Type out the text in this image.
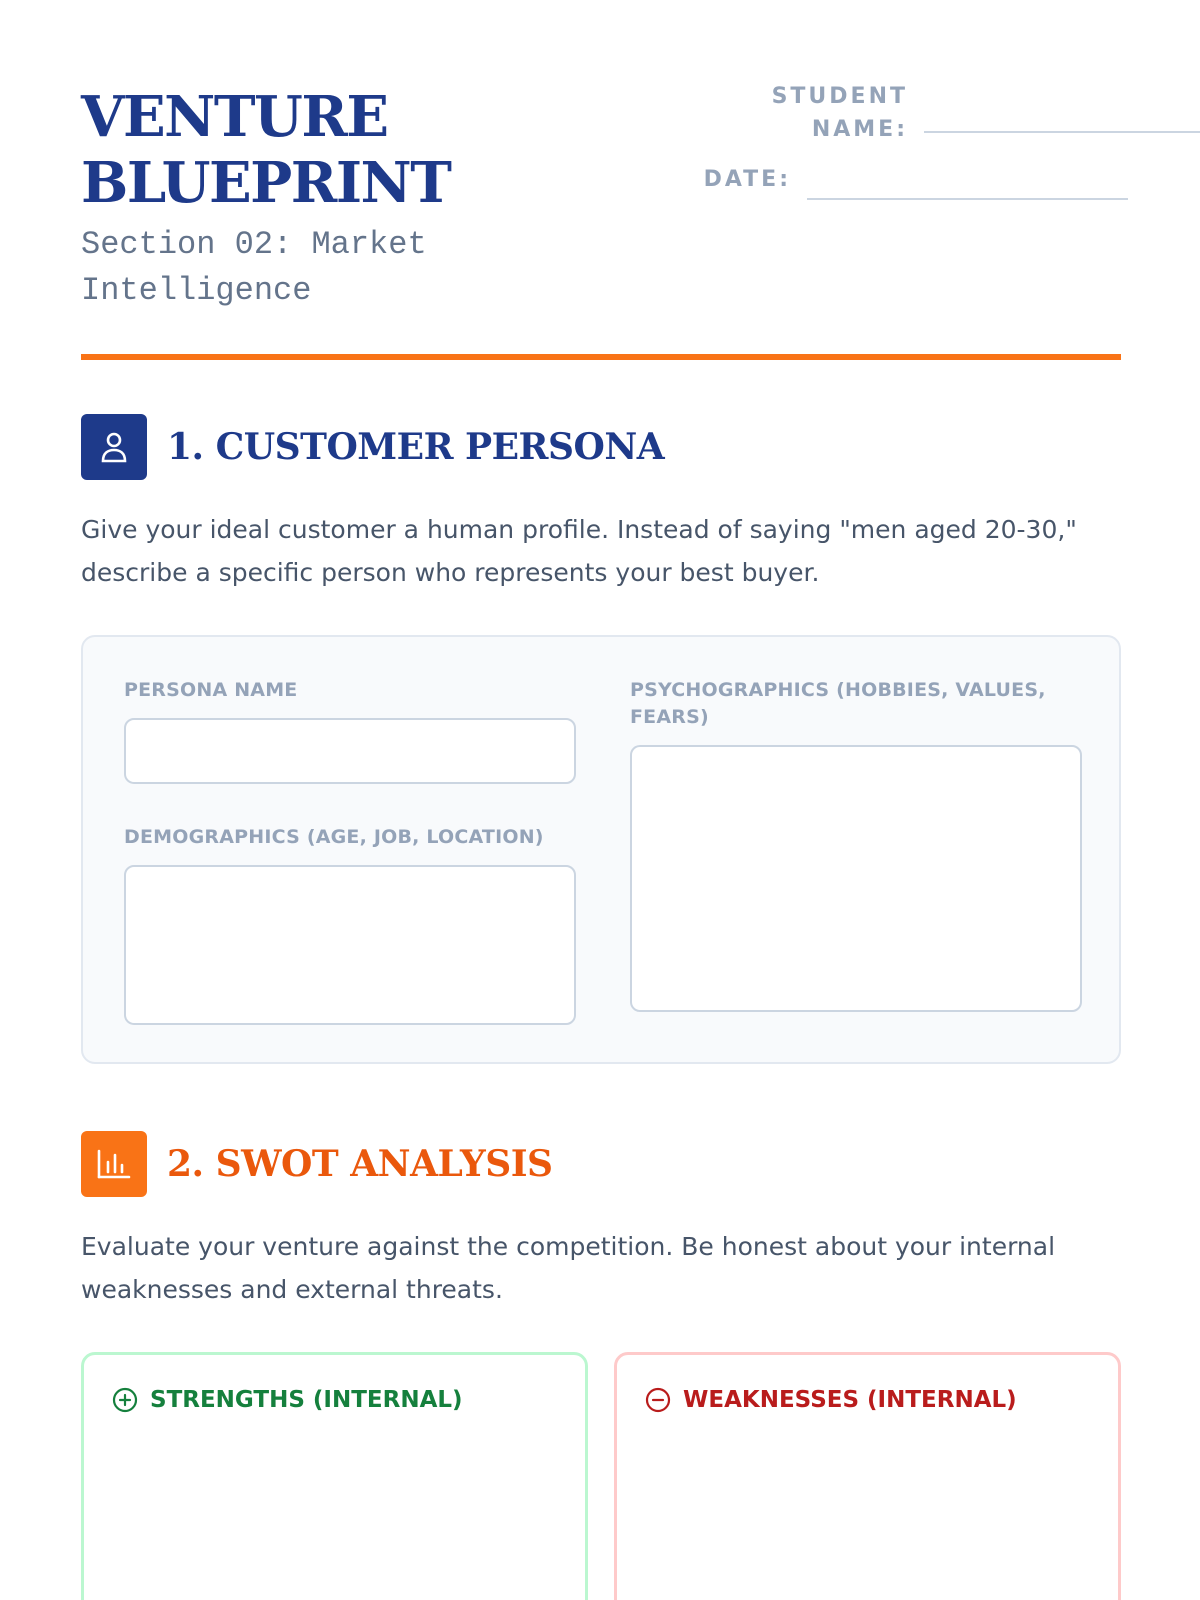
VENTURE
BLUEPRINT
Section 02: Market
Intelligence
STUDENT
NAME:
DATE:
1. CUSTOMER PERSONA
Give your ideal customer a human profile. Instead of saying "men aged 20-30," describe a specific person who represents your best buyer.
PERSONA NAME
DEMOGRAPHICS (AGE, JOB, LOCATION)
PSYCHOGRAPHICS (HOBBIES, VALUES, FEARS)
2. SWOT ANALYSIS
Evaluate your venture against the competition. Be honest about your internal weaknesses and external threats.
STRENGTHS (INTERNAL)	WEAKNESSES (INTERNAL)
